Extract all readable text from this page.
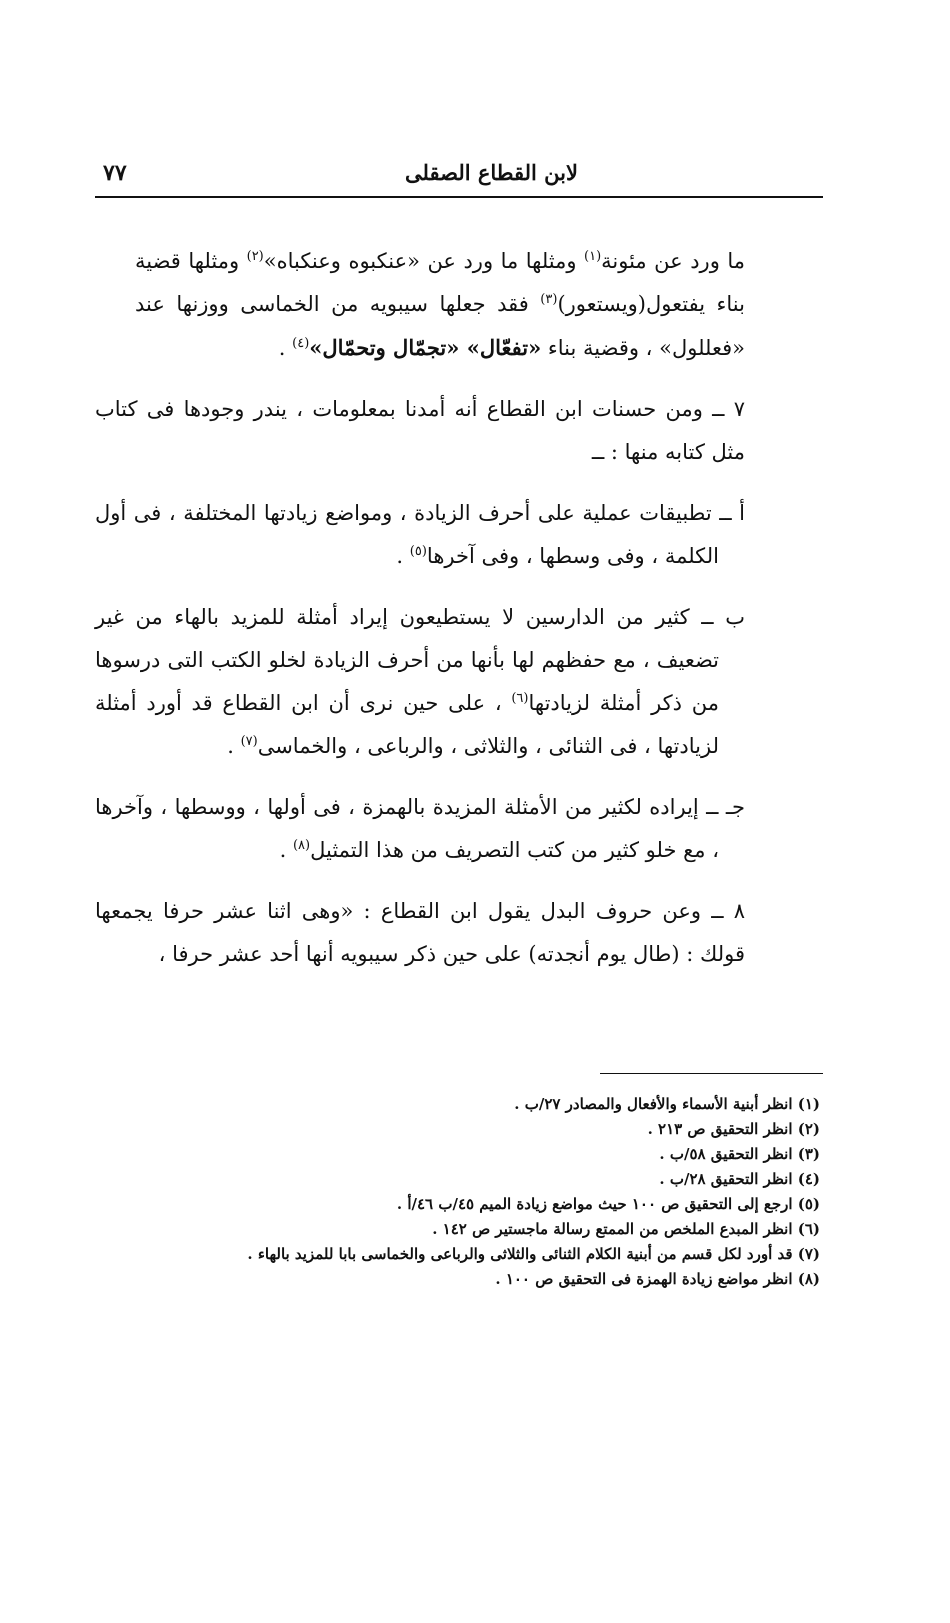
لابن القطاع الصقلى
٧٧

ما ورد عن مئونة$^{(١)}$ ومثلها ما ورد عن «عنكبوه وعنكباه»$^{(٢)}$ ومثلها قضية بناء يفتعول(ويستعور)$^{(٣)}$ فقد جعلها سيبويه من الخماسى ووزنها عند «فعللول» ، وقضية بناء «تفعّال» «تجمّال وتحمّال»$^{(٤)}$ .

٧ ــ ومن حسنات ابن القطاع أنه أمدنا بمعلومات ، يندر وجودها فى كتاب مثل كتابه منها : ــ

أ ــ تطبيقات عملية على أحرف الزيادة ، ومواضع زيادتها المختلفة ، فى أول الكلمة ، وفى وسطها ، وفى آخرها$^{(٥)}$ .

ب ــ كثير من الدارسين لا يستطيعون إيراد أمثلة للمزيد بالهاء من غير تضعيف ، مع حفظهم لها بأنها من أحرف الزيادة لخلو الكتب التى درسوها من ذكر أمثلة لزيادتها$^{(٦)}$ ، على حين نرى أن ابن القطاع قد أورد أمثلة لزيادتها ، فى الثنائى ، والثلاثى ، والرباعى ، والخماسى$^{(٧)}$ .

جـ ــ إيراده لكثير من الأمثلة المزيدة بالهمزة ، فى أولها ، ووسطها ، وآخرها ، مع خلو كثير من كتب التصريف من هذا التمثيل$^{(٨)}$ .

٨ ــ وعن حروف البدل يقول ابن القطاع : «وهى اثنا عشر حرفا يجمعها قولك : (طال يوم أنجدته) على حين ذكر سيبويه أنها أحد عشر حرفا ،

(١) انظر أبنية الأسماء والأفعال والمصادر ٢٧/ب .

(٢) انظر التحقيق ص ٢١٣ .

(٣) انظر التحقيق ٥٨/ب .

(٤) انظر التحقيق ٢٨/ب .

(٥) ارجع إلى التحقيق ص ١٠٠ حيث مواضع زيادة الميم ٤٥/ب ٤٦/أ .

(٦) انظر المبدع الملخص من الممتع رسالة ماجستير ص ١٤٢ .

(٧) قد أورد لكل قسم من أبنية الكلام الثنائى والثلاثى والرباعى والخماسى بابا للمزيد بالهاء .

(٨) انظر مواضع زيادة الهمزة فى التحقيق ص ١٠٠ .
